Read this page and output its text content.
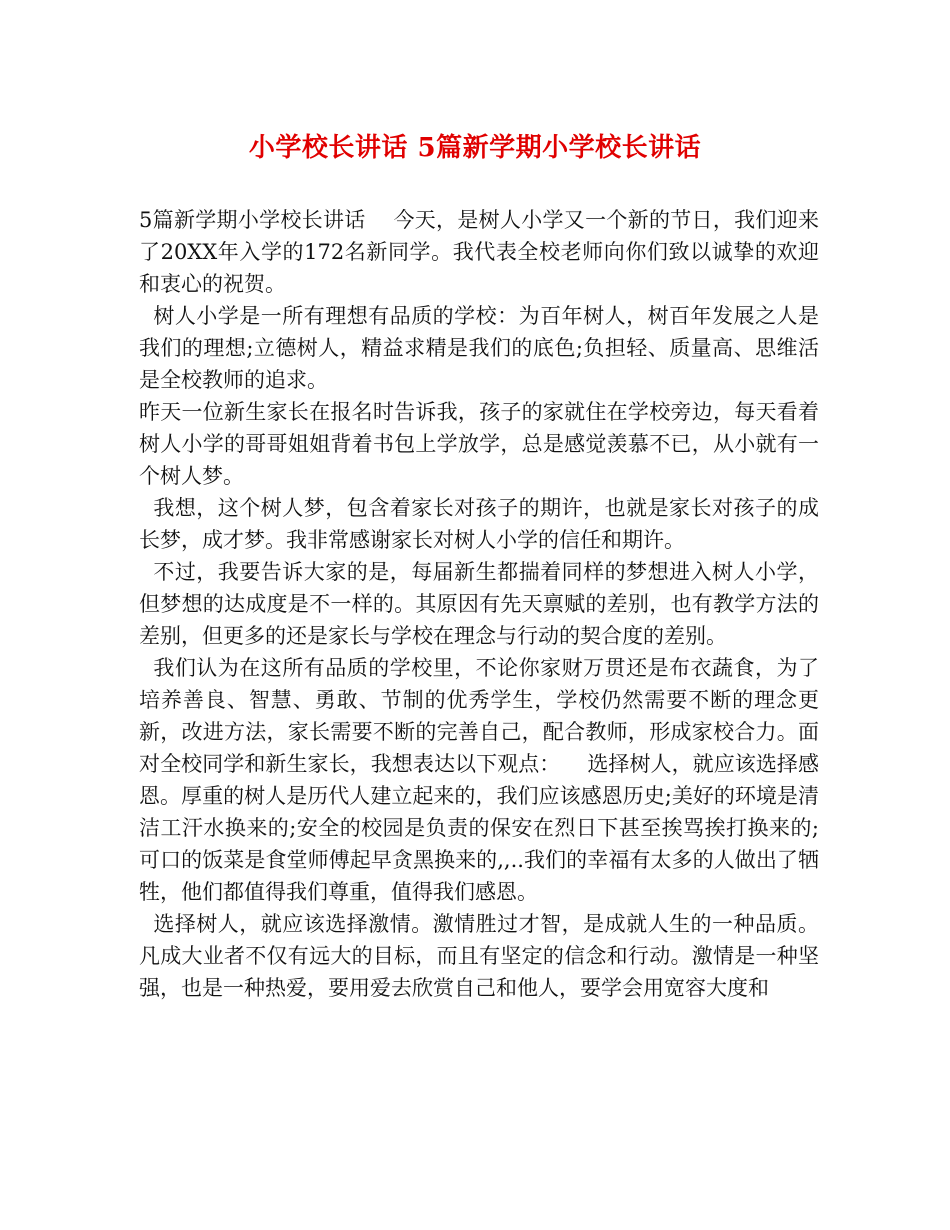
小学校长讲话 5篇新学期小学校长讲话

5篇新学期小学校长讲话    今天，是树人小学又一个新的节日，我们迎来了20XX年入学的172名新同学。我代表全校老师向你们致以诚挚的欢迎和衷心的祝贺。

树人小学是一所有理想有品质的学校：为百年树人，树百年发展之人是我们的理想;立德树人，精益求精是我们的底色;负担轻、质量高、思维活是全校教师的追求。

昨天一位新生家长在报名时告诉我，孩子的家就住在学校旁边，每天看着树人小学的哥哥姐姐背着书包上学放学，总是感觉羡慕不已，从小就有一个树人梦。

我想，这个树人梦，包含着家长对孩子的期许，也就是家长对孩子的成长梦，成才梦。我非常感谢家长对树人小学的信任和期许。

不过，我要告诉大家的是，每届新生都揣着同样的梦想进入树人小学，但梦想的达成度是不一样的。其原因有先天禀赋的差别，也有教学方法的差别，但更多的还是家长与学校在理念与行动的契合度的差别。

我们认为在这所有品质的学校里，不论你家财万贯还是布衣蔬食，为了培养善良、智慧、勇敢、节制的优秀学生，学校仍然需要不断的理念更新，改进方法，家长需要不断的完善自己，配合教师，形成家校合力。面对全校同学和新生家长，我想表达以下观点：    选择树人，就应该选择感恩。厚重的树人是历代人建立起来的，我们应该感恩历史;美好的环境是清洁工汗水换来的;安全的校园是负责的保安在烈日下甚至挨骂挨打换来的;可口的饭菜是食堂师傅起早贪黑换来的,,..我们的幸福有太多的人做出了牺牲，他们都值得我们尊重，值得我们感恩。

选择树人，就应该选择激情。激情胜过才智，是成就人生的一种品质。凡成大业者不仅有远大的目标，而且有坚定的信念和行动。激情是一种坚强，也是一种热爱，要用爱去欣赏自己和他人，要学会用宽容大度和
